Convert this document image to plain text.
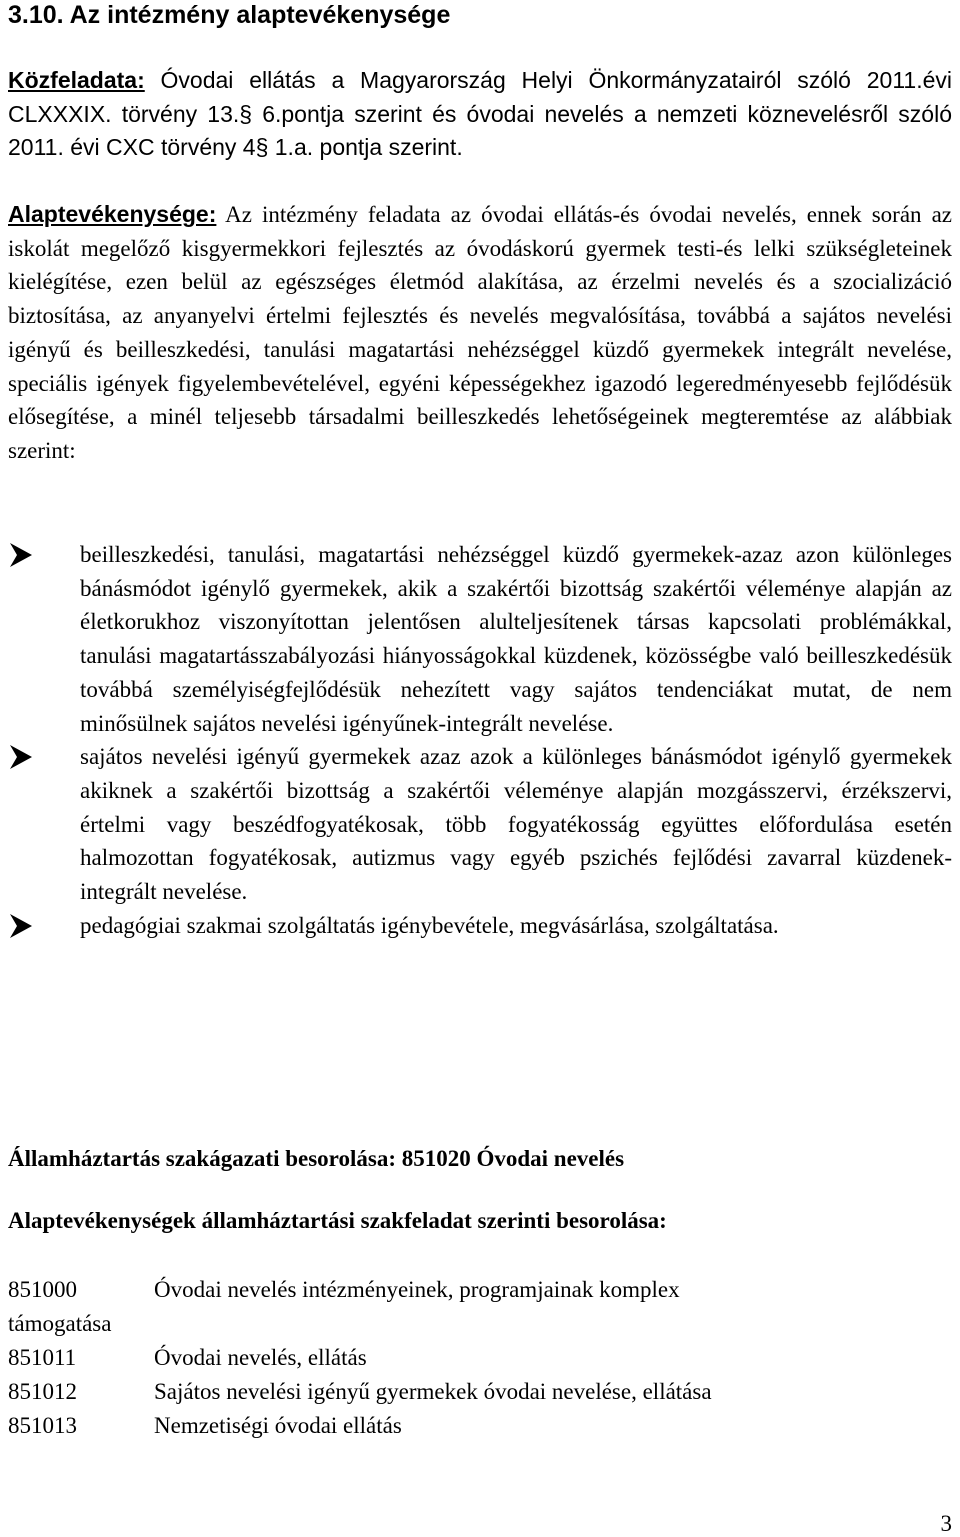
3.10. Az intézmény alaptevékenysége

Közfeladata: Óvodai ellátás a Magyarország Helyi Önkormányzatairól szóló 2011.évi CLXXXIX. törvény 13.§ 6.pontja szerint és óvodai nevelés a nemzeti köznevelésről szóló 2011. évi CXC törvény 4§ 1.a. pontja szerint.

Alaptevékenysége: Az intézmény feladata az óvodai ellátás-és óvodai nevelés, ennek során az iskolát megelőző kisgyermekkori fejlesztés az óvodáskorú gyermek testi-és lelki szükségleteinek kielégítése, ezen belül az egészséges életmód alakítása, az érzelmi nevelés és a szocializáció biztosítása, az anyanyelvi értelmi fejlesztés és nevelés megvalósítása, továbbá a sajátos nevelési igényű és beilleszkedési, tanulási magatartási nehézséggel küzdő gyermekek integrált nevelése, speciális igények figyelembevételével, egyéni képességekhez igazodó legeredményesebb fejlődésük elősegítése, a minél teljesebb társadalmi beilleszkedés lehetőségeinek megteremtése az alábbiak szerint:

beilleszkedési, tanulási, magatartási nehézséggel küzdő gyermekek-azaz azon különleges bánásmódot igénylő gyermekek, akik a szakértői bizottság szakértői véleménye alapján az életkorukhoz viszonyítottan jelentősen alulteljesítenek társas kapcsolati problémákkal, tanulási magatartásszabályozási hiányosságokkal küzdenek, közösségbe való beilleszkedésük továbbá személyiségfejlődésük nehezített vagy sajátos tendenciákat mutat, de nem minősülnek sajátos nevelési igényűnek-integrált nevelése.
sajátos nevelési igényű gyermekek azaz azok a különleges bánásmódot igénylő gyermekek akiknek a szakértői bizottság a szakértői véleménye alapján mozgásszervi, érzékszervi, értelmi vagy beszédfogyatékosak, több fogyatékosság együttes előfordulása esetén halmozottan fogyatékosak, autizmus vagy egyéb pszichés fejlődési zavarral küzdenek-integrált nevelése.
pedagógiai szakmai szolgáltatás igénybevétele, megvásárlása, szolgáltatása.

Államháztartás szakágazati besorolása: 851020 Óvodai nevelés

Alaptevékenységek államháztartási szakfeladat szerinti besorolása:

851000	Óvodai nevelés intézményeinek, programjainak komplex
támogatása
851011	Óvodai nevelés, ellátás
851012	Sajátos nevelési igényű gyermekek óvodai nevelése, ellátása
851013	Nemzetiségi óvodai ellátás
3
